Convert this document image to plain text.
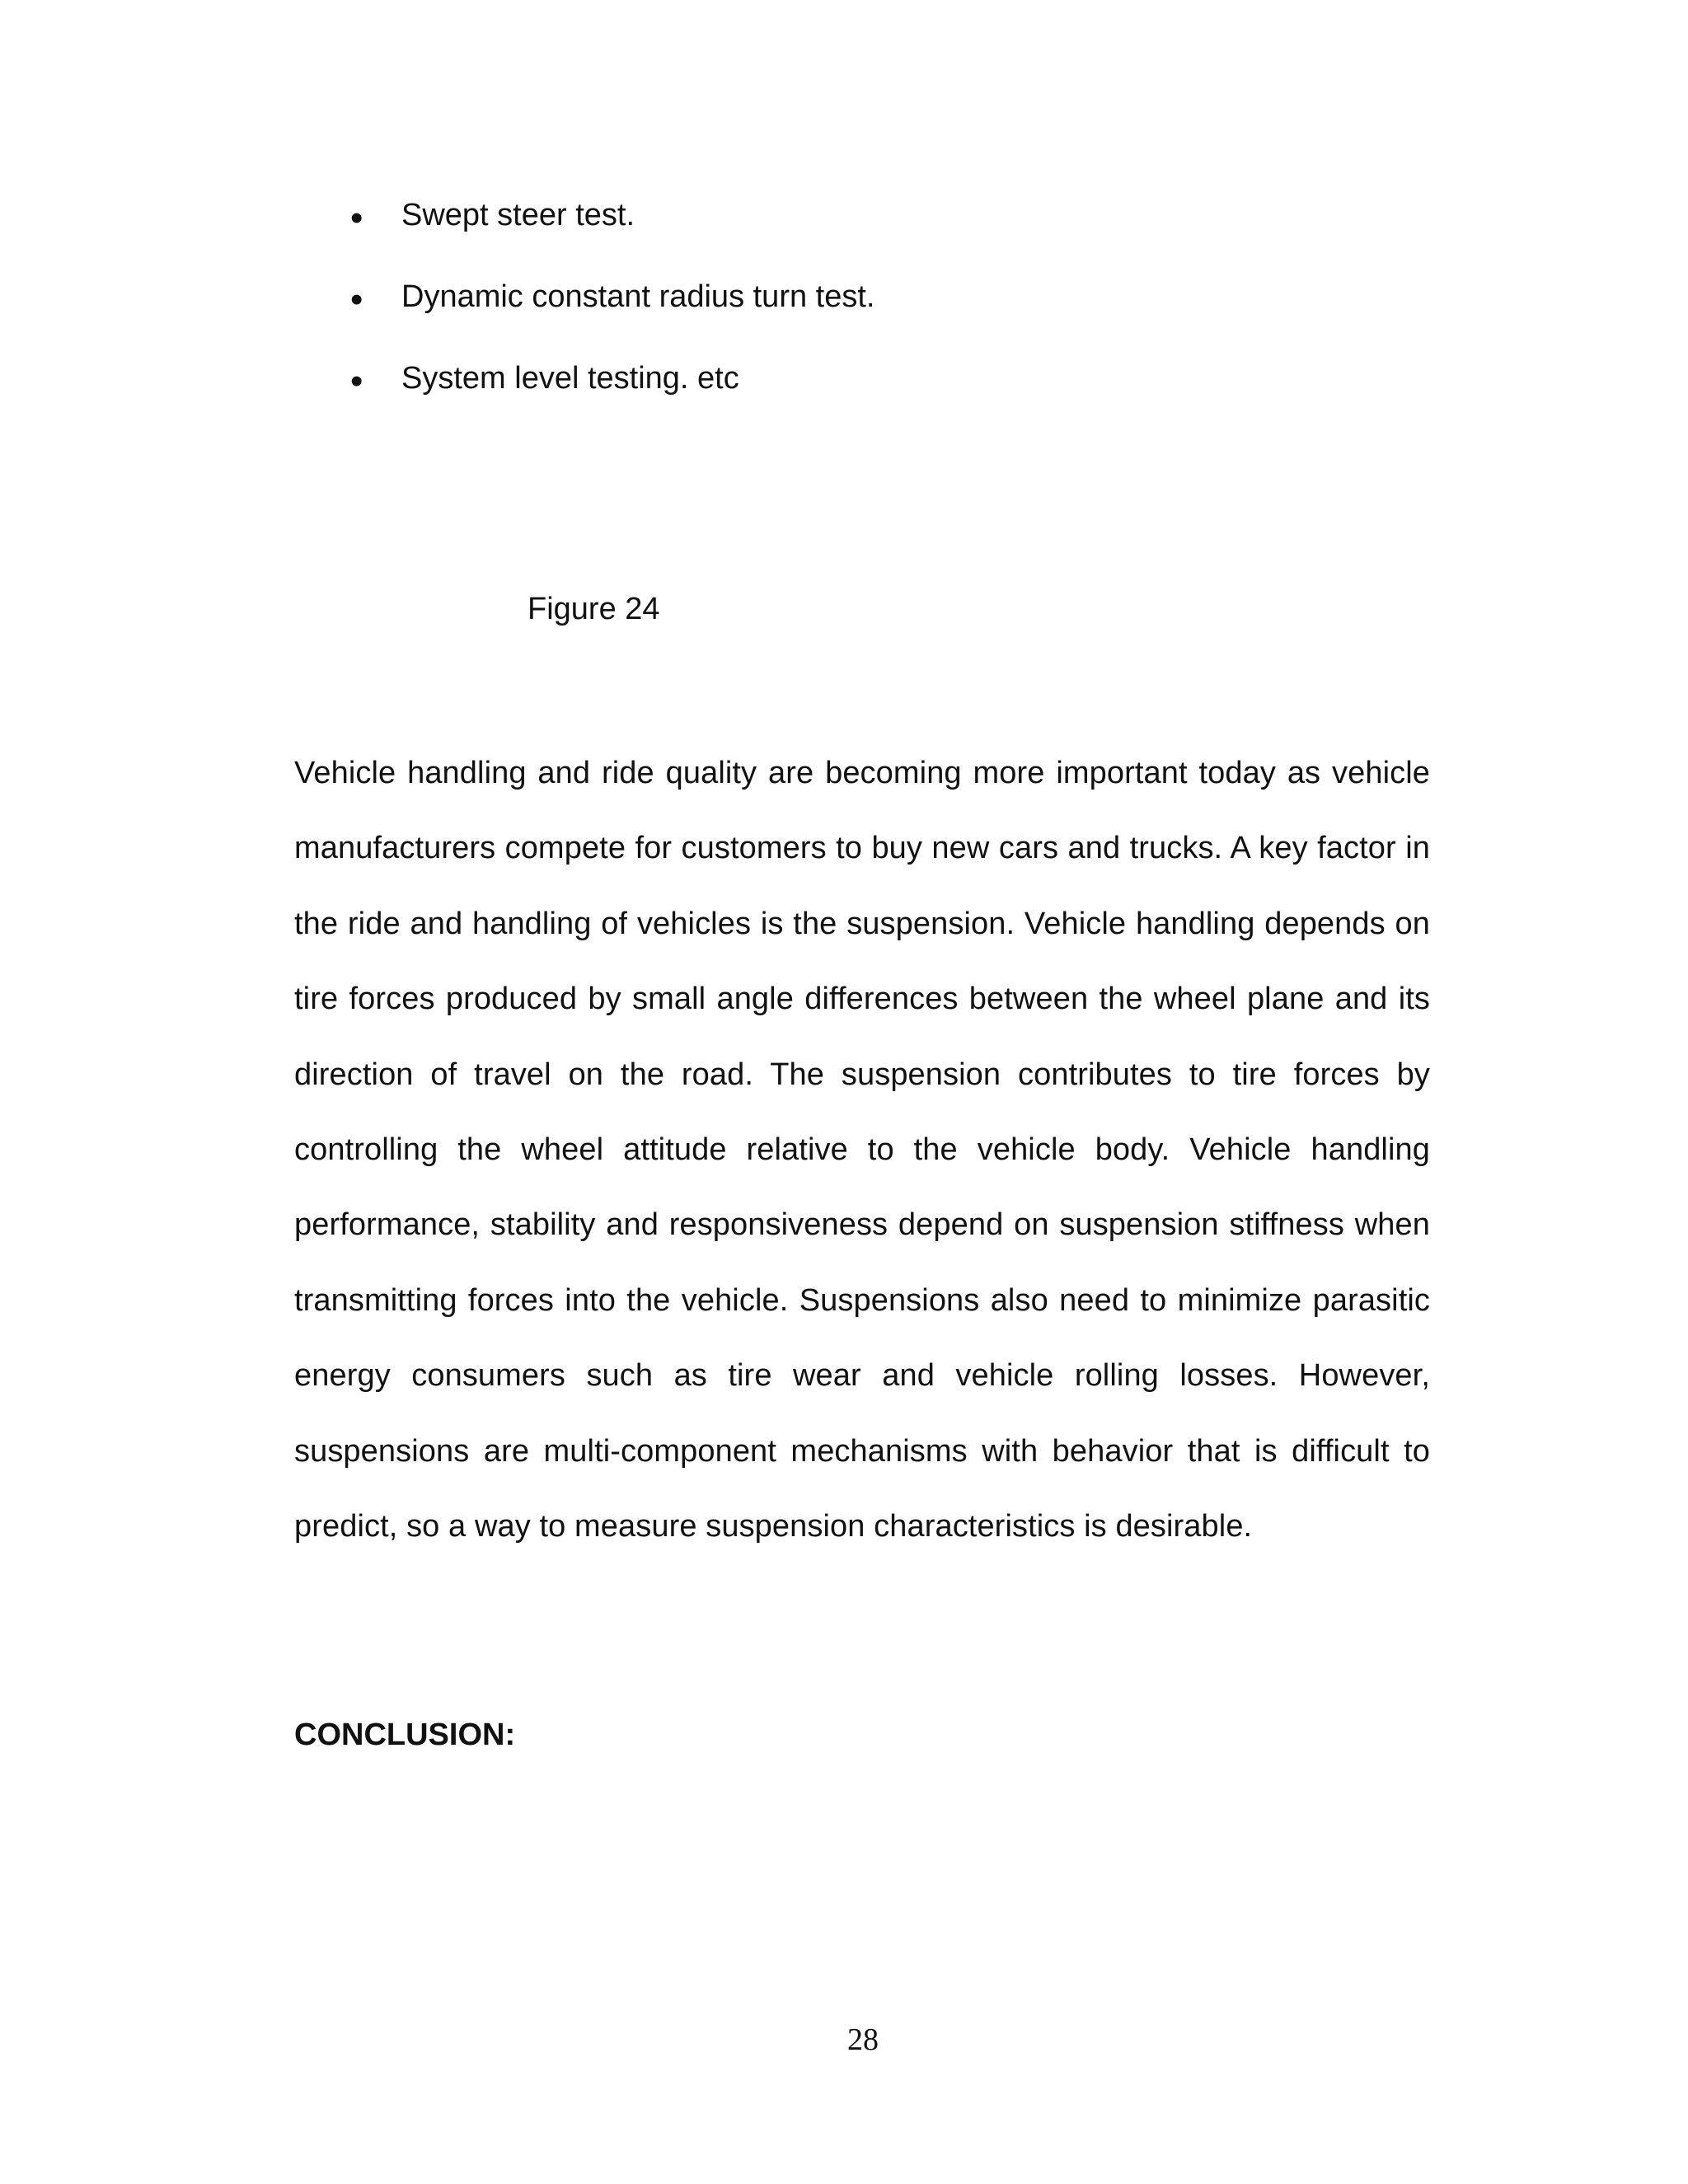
• Swept steer test.
• Dynamic constant radius turn test.
• System level testing. etc
Figure 24

Vehicle handling and ride quality are becoming more important today as vehicle manufacturers compete for customers to buy new cars and trucks. A key factor in the ride and handling of vehicles is the suspension. Vehicle handling depends on tire forces produced by small angle differences between the wheel plane and its direction of travel on the road. The suspension contributes to tire forces by controlling the wheel attitude relative to the vehicle body. Vehicle handling performance, stability and responsiveness depend on suspension stiffness when transmitting forces into the vehicle. Suspensions also need to minimize parasitic energy consumers such as tire wear and vehicle rolling losses. However, suspensions are multi-component mechanisms with behavior that is difficult to predict, so a way to measure suspension characteristics is desirable.

CONCLUSION:
28
